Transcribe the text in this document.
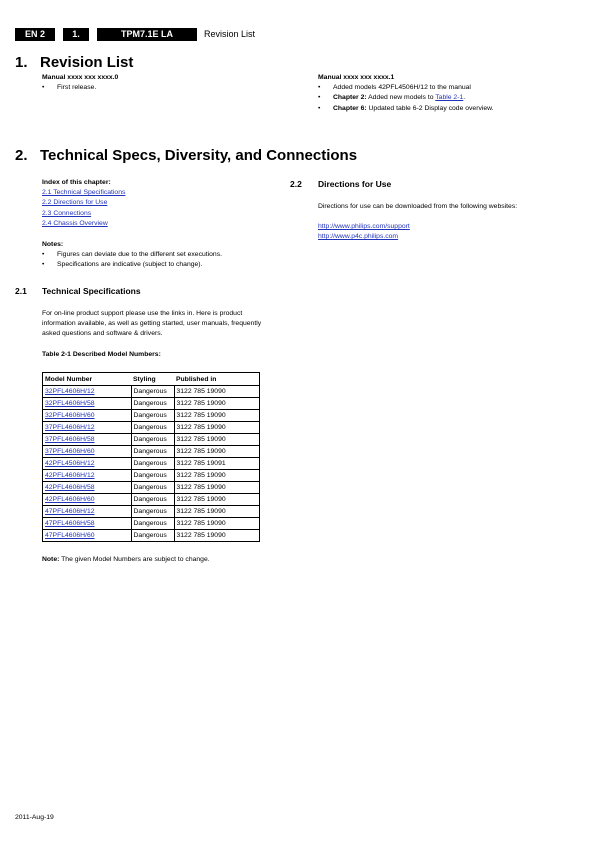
EN 2	1.	TPM7.1E LA	Revision List
1.   Revision List
Manual xxxx xxx xxxx.0
• First release.
Manual xxxx xxx xxxx.1
• Added models 42PFL4506H/12 to the manual
• Chapter 2: Added new models to Table 2-1.
• Chapter 6: Updated table 6-2 Display code overview.
2.   Technical Specs, Diversity, and Connections
Index of this chapter:
2.1 Technical Specifications
2.2 Directions for Use
2.3 Connections
2.4 Chassis Overview
Notes:
• Figures can deviate due to the different set executions.
• Specifications are indicative (subject to change).
2.1 Technical Specifications
For on-line product support please use the links in. Here is product information available, as well as getting started, user manuals, frequently asked questions and software & drivers.
Table 2-1 Described Model Numbers:
Model Number	Styling	Published in
32PFL4606H/12	Dangerous	3122 785 19090
32PFL4606H/58	Dangerous	3122 785 19090
32PFL4606H/60	Dangerous	3122 785 19090
37PFL4606H/12	Dangerous	3122 785 19090
37PFL4606H/58	Dangerous	3122 785 19090
37PFL4606H/60	Dangerous	3122 785 19090
42PFL4506H/12	Dangerous	3122 785 19091
42PFL4606H/12	Dangerous	3122 785 19090
42PFL4606H/58	Dangerous	3122 785 19090
42PFL4606H/60	Dangerous	3122 785 19090
47PFL4606H/12	Dangerous	3122 785 19090
47PFL4606H/58	Dangerous	3122 785 19090
47PFL4606H/60	Dangerous	3122 785 19090
Note: The given Model Numbers are subject to change.
2.2 Directions for Use
Directions for use can be downloaded from the following websites:
http://www.philips.com/support
http://www.p4c.philips.com
2011-Aug-19
